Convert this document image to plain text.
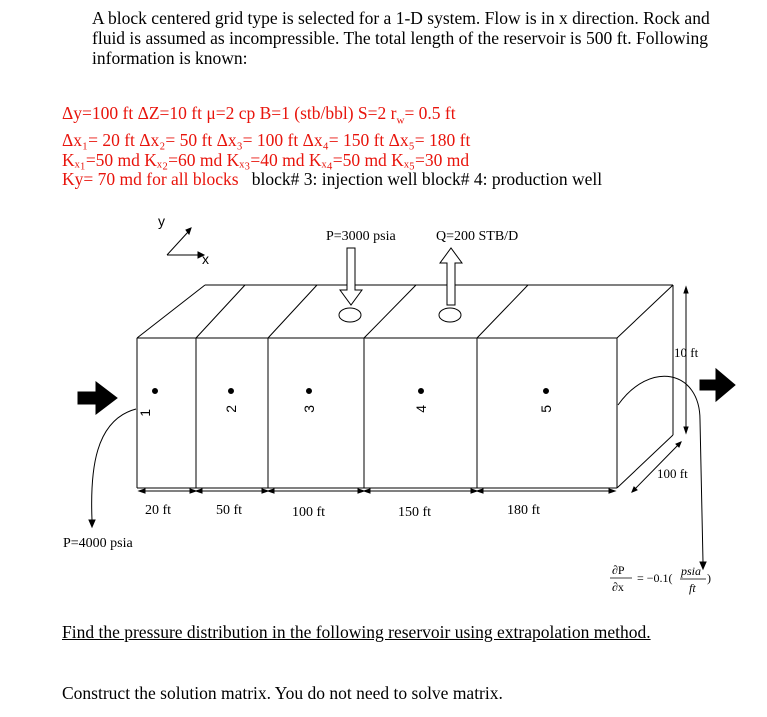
A block centered grid type is selected for a 1-D system. Flow is in x direction. Rock and fluid is assumed as incompressible. The total length of the reservoir is 500 ft. Following information is known:

Δy=100 ft ΔZ=10 ft μ=2 cp B=1 (stb/bbl) S=2 $r_w= 0.5$ ft
Δx₁= 20 ft Δx₂= 50 ft Δx₃= 100 ft Δx₄= 150 ft Δx₅= 180 ft
Kₓ₁=50 md Kₓ₂=60 md Kₓ₃=40 md Kₓ₄=50 md Kₓ₅=30 md
Ky= 70 md for all blocks block# 3: injection well block# 4: production well
x
y
1
2	3	4	5
P=3000 psia	Q=200 STB/D
20 ft	50 ft	100 ft	150 ft	180 ft
10 ft
100 ft
P=4000 psia
∂P
∂x
= −0.1( psia
ft
)
Find the pressure distribution in the following reservoir using extrapolation method.
Construct the solution matrix. You do not need to solve matrix.
